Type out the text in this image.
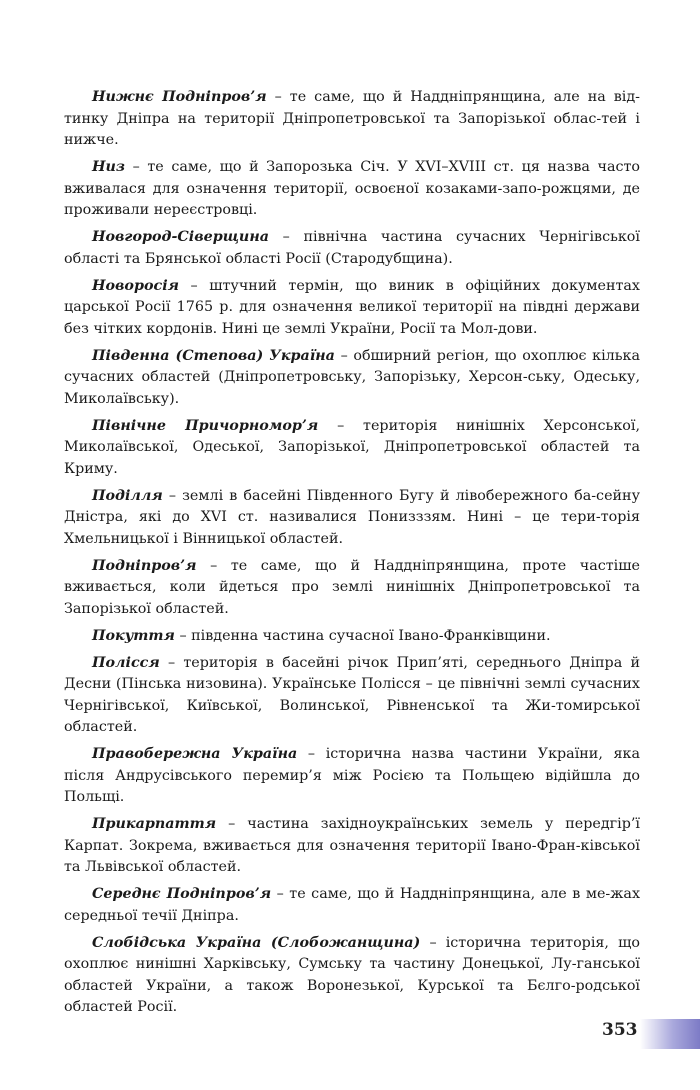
Нижнє Подніпров’я – те саме, що й Наддніпрянщина, але на від-тинку Дніпра на території Дніпропетровської та Запорізької облас-тей і нижче.

Низ – те саме, що й Запорозька Січ. У XVI–XVIII ст. ця назва часто вживалася для означення території, освоєної козаками-запо-рожцями, де проживали нереєстровці.

Новгород-Сіверщина – північна частина сучасних Чернігівської області та Брянської області Росії (Стародубщина).

Новоросія – штучний термін, що виник в офіційних документах царської Росії 1765 р. для означення великої території на півдні держави без чітких кордонів. Нині це землі України, Росії та Мол-дови.

Південна (Степова) Україна – обширний регіон, що охоплює кілька сучасних областей (Дніпропетровську, Запорізьку, Херсон-ську, Одеську, Миколаївську).

Північне Причорномор’я – територія нинішніх Херсонської, Миколаївської, Одеської, Запорізької, Дніпропетровської областей та Криму.

Поділля – землі в басейні Південного Бугу й лівобережного ба-сейну Дністра, які до XVI ст. називалися Понизззям. Нині – це тери-торія Хмельницької і Вінницької областей.

Подніпров’я – те саме, що й Наддніпрянщина, проте частіше вживається, коли йдеться про землі нинішніх Дніпропетровської та Запорізької областей.

Покуття – південна частина сучасної Івано-Франківщини.

Полісся – територія в басейні річок Прип’яті, середнього Дніпра й Десни (Пінська низовина). Українське Полісся – це північні землі сучасних Чернігівської, Київської, Волинської, Рівненської та Жи-томирської областей.

Правобережна Україна – історична назва частини України, яка після Андрусівського перемир’я між Росією та Польщею відійшла до Польщі.

Прикарпаття – частина західноукраїнських земель у передгір’ї Карпат. Зокрема, вживається для означення території Івано-Фран-ківської та Львівської областей.

Середнє Подніпров’я – те саме, що й Наддніпрянщина, але в ме-жах середньої течії Дніпра.

Слобідська Україна (Слобожанщина) – історична територія, що охоплює нинішні Харківську, Сумську та частину Донецької, Лу-ганської областей України, а також Воронезької, Курської та Бєлго-родської областей Росії.

353
